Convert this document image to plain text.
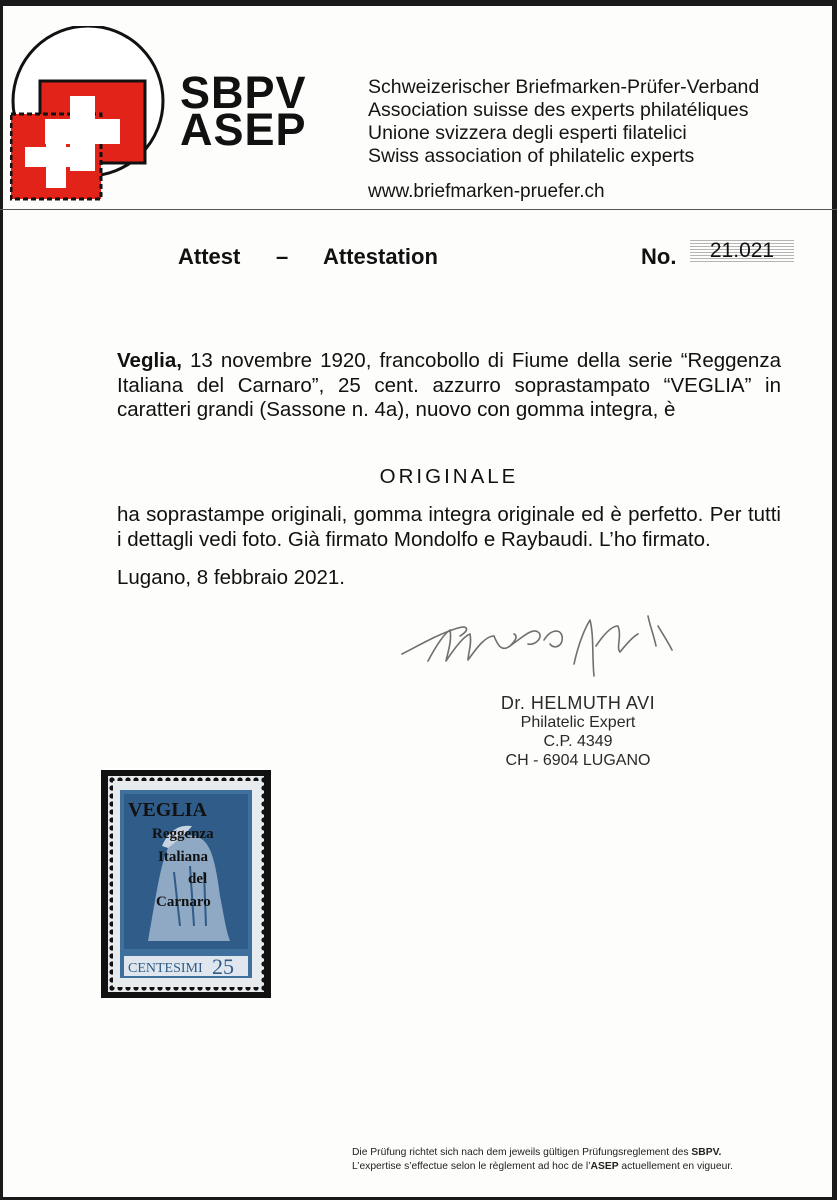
SBPV
ASEP
Schweizerischer Briefmarken-Prüfer-Verband
Association suisse des experts philatéliques
Unione svizzera degli esperti filatelici
Swiss association of philatelic experts
www.briefmarken-pruefer.ch
Attest – Attestation	No.	21.021
Veglia, 13 novembre 1920, francobollo di Fiume della serie “Reggenza Italiana del Carnaro”, 25 cent. azzurro soprastampato “VEGLIA” in caratteri grandi (Sassone n. 4a), nuovo con gomma integra, è
ORIGINALE
ha soprastampe originali, gomma integra originale ed è perfetto. Per tutti i dettagli vedi foto. Già firmato Mondolfo e Raybaudi. L’ho firmato.
Lugano, 8 febbraio 2021.
Dr. HELMUTH AVI
Philatelic Expert
C.P. 4349
CH - 6904 LUGANO
CENTESIMI 25
VEGLIA
Reggenza
Italiana
del
Carnaro
Die Prüfung richtet sich nach dem jeweils gültigen Prüfungsreglement des SBPV.
L’expertise s’effectue selon le règlement ad hoc de l’ASEP actuellement en vigueur.
